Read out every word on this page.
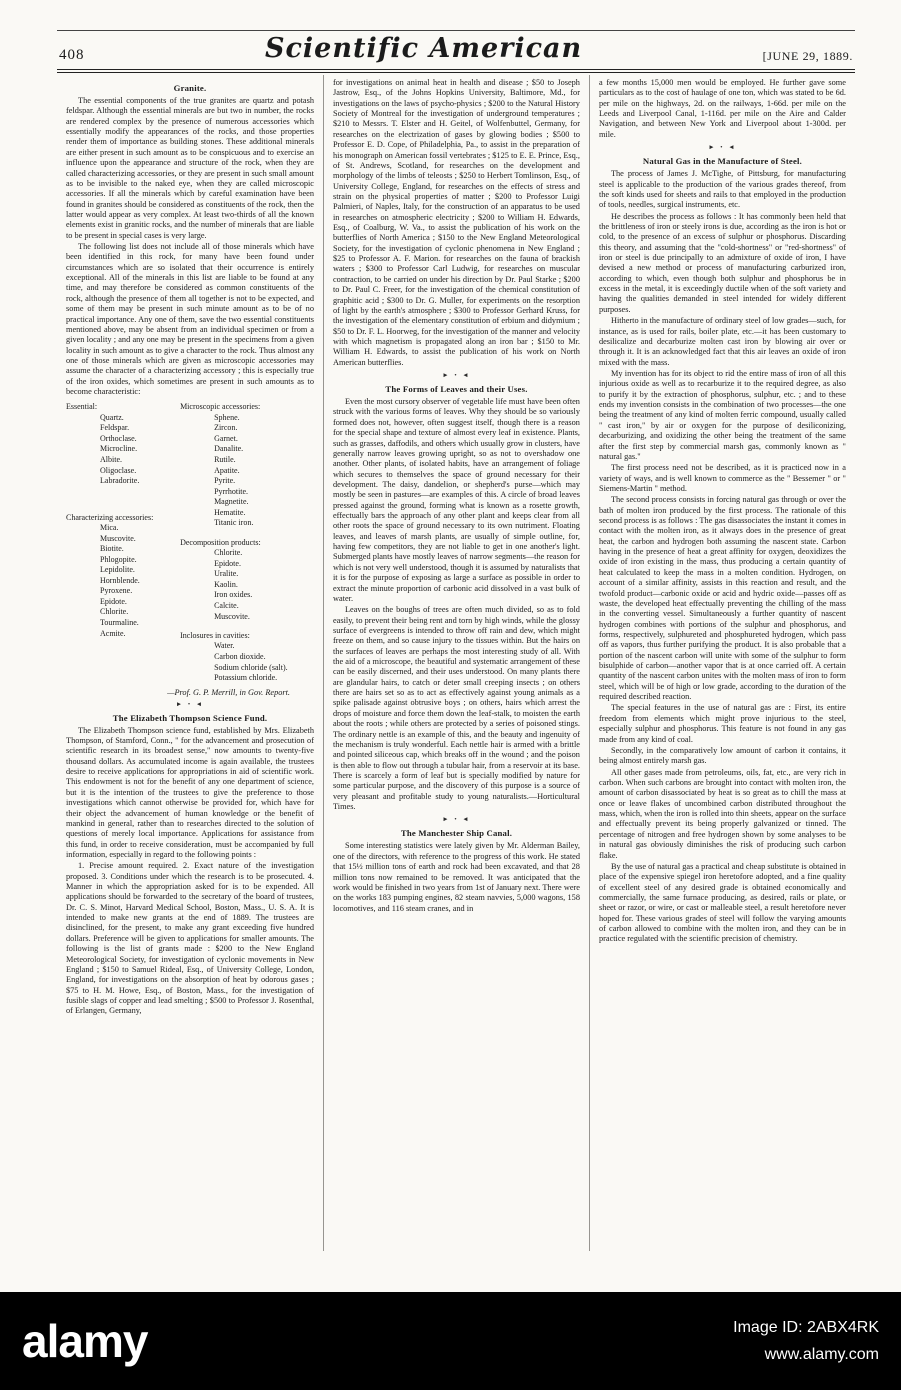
408	Scientific American	[JUNE 29, 1889.
Granite.

The essential components of the true granites are quartz and potash feldspar. Although the essential minerals are but two in number, the rocks are rendered complex by the presence of numerous accessories which essentially modify the appearances of the rocks, and those properties render them of importance as building stones. These additional minerals are either present in such amount as to be conspicuous and to exercise an influence upon the appearance and structure of the rock, when they are called characterizing accessories, or they are present in such small amount as to be invisible to the naked eye, when they are called microscopic accessories. If all the minerals which by careful examination have been found in granites should be considered as constituents of the rock, then the latter would appear as very complex. At least two-thirds of all the known elements exist in granitic rocks, and the number of minerals that are liable to be present in special cases is very large.

The following list does not include all of those minerals which have been identified in this rock, for many have been found under circumstances which are so isolated that their occurrence is entirely exceptional. All of the minerals in this list are liable to be found at any time, and may therefore be considered as common constituents of the rock, although the presence of them all together is not to be expected, and some of them may be present in such minute amount as to be of no practical importance. Any one of them, save the two essential constituents mentioned above, may be absent from an individual specimen or from a given locality ; and any one may be present in the specimens from a given locality in such amount as to give a character to the rock. Thus almost any one of those minerals which are given as microscopic accessories may assume the character of a characterizing accessory ; this is especially true of the iron oxides, which sometimes are present in such amounts as to become characteristic:

Essential:
Quartz.
Feldspar.
Orthoclase.
Microcline.
Albite.
Oligoclase.
Labradorite.
Characterizing accessories:
Mica.
Muscovite.
Biotite.
Phlogopite.
Lepidolite.
Hornblende.
Pyroxene.
Epidote.
Chlorite.
Tourmaline.
Acmite.
Microscopic accessories:
Sphene.
Zircon.
Garnet.
Danalite.
Rutile.
Apatite.
Pyrite.
Pyrrhotite.
Magnetite.
Hematite.
Titanic iron.
Decomposition products:
Chlorite.
Epidote.
Uralite.
Kaolin.
Iron oxides.
Calcite.
Muscovite.
Inclosures in cavities:
Water.
Carbon dioxide.
Sodium chloride (salt).
Potassium chloride.
—Prof. G. P. Merrill, in Gov. Report.
► • ◄
The Elizabeth Thompson Science Fund.

The Elizabeth Thompson science fund, established by Mrs. Elizabeth Thompson, of Stamford, Conn., " for the advancement and prosecution of scientific research in its broadest sense," now amounts to twenty-five thousand dollars. As accumulated income is again available, the trustees desire to receive applications for appropriations in aid of scientific work. This endowment is not for the benefit of any one department of science, but it is the intention of the trustees to give the preference to those investigations which cannot otherwise be provided for, which have for their object the advancement of human knowledge or the benefit of mankind in general, rather than to researches directed to the solution of questions of merely local importance. Applications for assistance from this fund, in order to receive consideration, must be accompanied by full information, especially in regard to the following points :

1. Precise amount required. 2. Exact nature of the investigation proposed. 3. Conditions under which the research is to be prosecuted. 4. Manner in which the appropriation asked for is to be expended. All applications should be forwarded to the secretary of the board of trustees, Dr. C. S. Minot, Harvard Medical School, Boston, Mass., U. S. A. It is intended to make new grants at the end of 1889. The trustees are disinclined, for the present, to make any grant exceeding five hundred dollars. Preference will be given to applications for smaller amounts. The following is the list of grants made : $200 to the New England Meteorological Society, for investigation of cyclonic movements in New England ; $150 to Samuel Rideal, Esq., of University College, London, England, for investigations on the absorption of heat by odorous gases ; $75 to H. M. Howe, Esq., of Boston, Mass., for the investigation of fusible slags of copper and lead smelting ; $500 to Professor J. Rosenthal, of Erlangen, Germany,

for investigations on animal heat in health and disease ; $50 to Joseph Jastrow, Esq., of the Johns Hopkins University, Baltimore, Md., for investigations on the laws of psycho-physics ; $200 to the Natural History Society of Montreal for the investigation of underground temperatures ; $210 to Messrs. T. Elster and H. Geitel, of Wolfenbuttel, Germany, for researches on the electrization of gases by glowing bodies ; $500 to Professor E. D. Cope, of Philadelphia, Pa., to assist in the preparation of his monograph on American fossil vertebrates ; $125 to E. E. Prince, Esq., of St. Andrews, Scotland, for researches on the development and morphology of the limbs of teleosts ; $250 to Herbert Tomlinson, Esq., of University College, England, for researches on the effects of stress and strain on the physical properties of matter ; $200 to Professor Luigi Palmieri, of Naples, Italy, for the construction of an apparatus to be used in researches on atmospheric electricity ; $200 to William H. Edwards, Esq., of Coalburg, W. Va., to assist the publication of his work on the butterflies of North America ; $150 to the New England Meteorological Society, for the investigation of cyclonic phenomena in New England ; $25 to Professor A. F. Marion. for researches on the fauna of brackish waters ; $300 to Professor Carl Ludwig, for researches on muscular contraction, to be carried on under his direction by Dr. Paul Starke ; $200 to Dr. Paul C. Freer, for the investigation of the chemical constitution of graphitic acid ; $300 to Dr. G. Muller, for experiments on the resorption of light by the earth's atmosphere ; $300 to Professor Gerhard Kruss, for the investigation of the elementary constitution of erbium and didymium ; $50 to Dr. F. L. Hoorweg, for the investigation of the manner and velocity with which magnetism is propagated along an iron bar ; $150 to Mr. William H. Edwards, to assist the publication of his work on North American butterflies.

► • ◄
The Forms of Leaves and their Uses.

Even the most cursory observer of vegetable life must have been often struck with the various forms of leaves. Why they should be so variously formed does not, however, often suggest itself, though there is a reason for the special shape and texture of almost every leaf in existence. Plants, such as grasses, daffodils, and others which usually grow in clusters, have generally narrow leaves growing upright, so as not to overshadow one another. Other plants, of isolated habits, have an arrangement of foliage which secures to themselves the space of ground necessary for their development. The daisy, dandelion, or shepherd's purse—which may mostly be seen in pastures—are examples of this. A circle of broad leaves pressed against the ground, forming what is known as a rosette growth, effectually bars the approach of any other plant and keeps clear from all other roots the space of ground necessary to its own nutriment. Floating leaves, and leaves of marsh plants, are usually of simple outline, for, having few competitors, they are not liable to get in one another's light. Submerged plants have mostly leaves of narrow segments—the reason for which is not very well understood, though it is assumed by naturalists that it is for the purpose of exposing as large a surface as possible in order to extract the minute proportion of carbonic acid dissolved in a vast bulk of water.

Leaves on the boughs of trees are often much divided, so as to fold easily, to prevent their being rent and torn by high winds, while the glossy surface of evergreens is intended to throw off rain and dew, which might freeze on them, and so cause injury to the tissues within. But the hairs on the surfaces of leaves are perhaps the most interesting study of all. With the aid of a microscope, the beautiful and systematic arrangement of these can be easily discerned, and their uses understood. On many plants there are glandular hairs, to catch or deter small creeping insects ; on others there are hairs set so as to act as effectively against young animals as a spike palisade against obtrusive boys ; on others, hairs which arrest the drops of moisture and force them down the leaf-stalk, to moisten the earth about the roots ; while others are protected by a series of poisoned stings. The ordinary nettle is an example of this, and the beauty and ingenuity of the mechanism is truly wonderful. Each nettle hair is armed with a brittle and pointed siliceous cap, which breaks off in the wound ; and the poison is then able to flow out through a tubular hair, from a reservoir at its base. There is scarcely a form of leaf but is specially modified by nature for some particular purpose, and the discovery of this purpose is a source of very pleasant and profitable study to young naturalists.—Horticultural Times.

► • ◄
The Manchester Ship Canal.

Some interesting statistics were lately given by Mr. Alderman Bailey, one of the directors, with reference to the progress of this work. He stated that 15½ million tons of earth and rock had been excavated, and that 28 million tons now remained to be removed. It was anticipated that the work would be finished in two years from 1st of January next. There were on the works 183 pumping engines, 82 steam navvies, 5,000 wagons, 158 locomotives, and 116 steam cranes, and in

a few months 15,000 men would be employed. He further gave some particulars as to the cost of haulage of one ton, which was stated to be 6d. per mile on the highways, 2d. on the railways, 1-66d. per mile on the Leeds and Liverpool Canal, 1-116d. per mile on the Aire and Calder Navigation, and between New York and Liverpool about 1-300d. per mile.

► • ◄
Natural Gas in the Manufacture of Steel.

The process of James J. McTighe, of Pittsburg, for manufacturing steel is applicable to the production of the various grades thereof, from the soft kinds used for sheets and rails to that employed in the production of tools, needles, surgical instruments, etc.

He describes the process as follows : It has commonly been held that the brittleness of iron or steely irons is due, according as the iron is hot or cold, to the presence of an excess of sulphur or phosphorus. Discarding this theory, and assuming that the "cold-shortness" or "red-shortness" of iron or steel is due principally to an admixture of oxide of iron, I have devised a new method or process of manufacturing carburized iron, according to which, even though both sulphur and phosphorus be in excess in the metal, it is exceedingly ductile when of the soft variety and having the qualities demanded in steel intended for widely different purposes.

Hitherto in the manufacture of ordinary steel of low grades—such, for instance, as is used for rails, boiler plate, etc.—it has been customary to desilicalize and decarburize molten cast iron by blowing air over or through it. It is an acknowledged fact that this air leaves an oxide of iron mixed with the mass.

My invention has for its object to rid the entire mass of iron of all this injurious oxide as well as to recarburize it to the required degree, as also to purify it by the extraction of phosphorus, sulphur, etc. ; and to these ends my invention consists in the combination of two processes—the one being the treatment of any kind of molten ferric compound, usually called " cast iron," by air or oxygen for the purpose of desiliconizing, decarburizing, and oxidizing the other being the treatment of the same after the first step by commercial marsh gas, commonly known as " natural gas."

The first process need not be described, as it is practiced now in a variety of ways, and is well known to commerce as the " Bessemer " or " Siemens-Martin " method.

The second process consists in forcing natural gas through or over the bath of molten iron produced by the first process. The rationale of this second process is as follows : The gas disassociates the instant it comes in contact with the molten iron, as it always does in the presence of great heat, the carbon and hydrogen both assuming the nascent state. Carbon having in the presence of heat a great affinity for oxygen, deoxidizes the oxide of iron existing in the mass, thus producing a certain quantity of heat calculated to keep the mass in a molten condition. Hydrogen, on account of a similar affinity, assists in this reaction and result, and the twofold product—carbonic oxide or acid and hydric oxide—passes off as waste, the developed heat effectually preventing the chilling of the mass in the converting vessel. Simultaneously a further quantity of nascent hydrogen combines with portions of the sulphur and phosphorus, and forms, respectively, sulphureted and phosphureted hydrogen, which pass off as vapors, thus further purifying the product. It is also probable that a portion of the nascent carbon will unite with some of the sulphur to form bisulphide of carbon—another vapor that is at once carried off. A certain quantity of the nascent carbon unites with the molten mass of iron to form steel, which will be of high or low grade, according to the duration of the required described reaction.

The special features in the use of natural gas are : First, its entire freedom from elements which might prove injurious to the steel, especially sulphur and phosphorus. This feature is not found in any gas made from any kind of coal.

Secondly, in the comparatively low amount of carbon it contains, it being almost entirely marsh gas.

All other gases made from petroleums, oils, fat, etc., are very rich in carbon. When such carbons are brought into contact with molten iron, the amount of carbon disassociated by heat is so great as to chill the mass at once or leave flakes of uncombined carbon distributed throughout the mass, which, when the iron is rolled into thin sheets, appear on the surface and effectually prevent its being properly galvanized or tinned. The percentage of nitrogen and free hydrogen shown by some analyses to be in natural gas obviously diminishes the risk of producing such carbon flake.

By the use of natural gas a practical and cheap substitute is obtained in place of the expensive spiegel iron heretofore adopted, and a fine quality of excellent steel of any desired grade is obtained economically and commercially, the same furnace producing, as desired, rails or plate, or sheet or razor, or wire, or cast or malleable steel, a result heretofore never hoped for. These various grades of steel will follow the varying amounts of carbon allowed to combine with the molten iron, and they can be in practice regulated with the scientific precision of chemistry.

alamy	Image ID: 2ABX4RK
www.alamy.com
